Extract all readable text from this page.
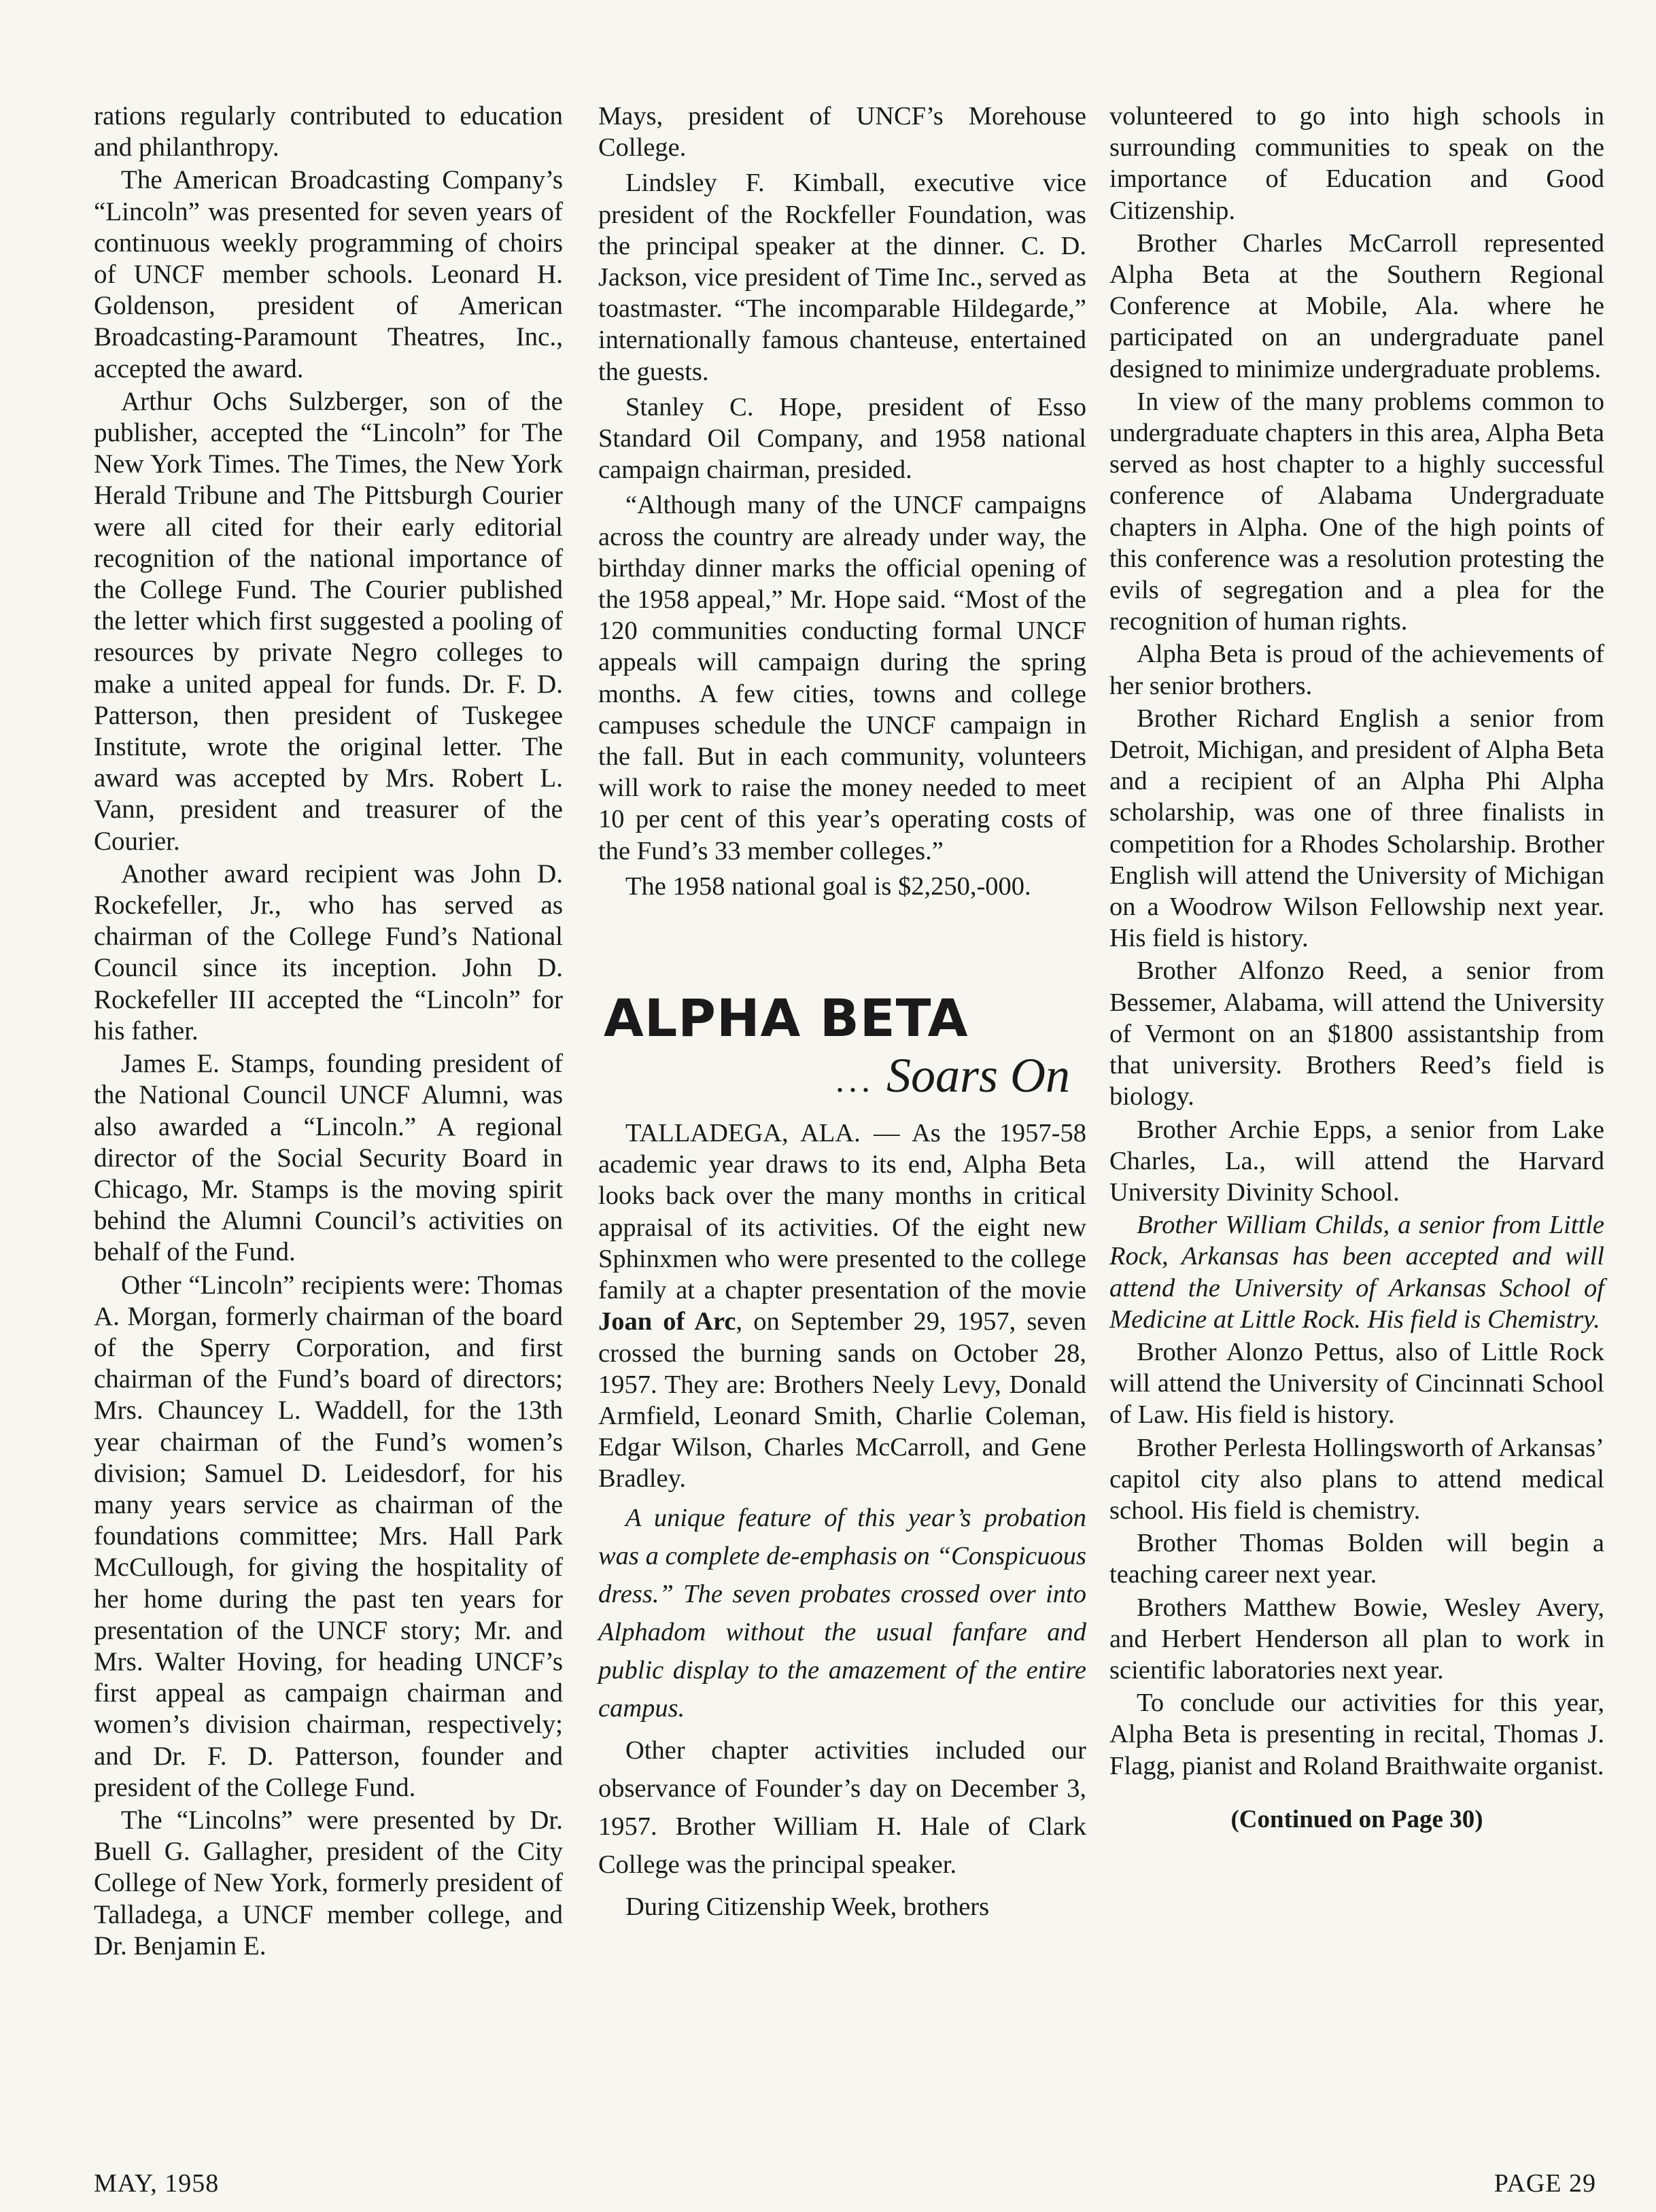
rations regularly contributed to education and philanthropy.

The American Broadcasting Company’s “Lincoln” was presented for seven years of continuous weekly programming of choirs of UNCF member schools. Leonard H. Goldenson, president of American Broadcasting-Paramount Theatres, Inc., accepted the award.

Arthur Ochs Sulzberger, son of the publisher, accepted the “Lincoln” for The New York Times. The Times, the New York Herald Tribune and The Pittsburgh Courier were all cited for their early editorial recognition of the national importance of the College Fund. The Courier published the letter which first suggested a pooling of resources by private Negro colleges to make a united appeal for funds. Dr. F. D. Patterson, then president of Tuskegee Institute, wrote the original letter. The award was accepted by Mrs. Robert L. Vann, president and treasurer of the Courier.

Another award recipient was John D. Rockefeller, Jr., who has served as chairman of the College Fund’s National Council since its inception. John D. Rockefeller III accepted the “Lincoln” for his father.

James E. Stamps, founding president of the National Council UNCF Alumni, was also awarded a “Lincoln.” A regional director of the Social Security Board in Chicago, Mr. Stamps is the moving spirit behind the Alumni Council’s activities on behalf of the Fund.

Other “Lincoln” recipients were: Thomas A. Morgan, formerly chairman of the board of the Sperry Corporation, and first chairman of the Fund’s board of directors; Mrs. Chauncey L. Waddell, for the 13th year chairman of the Fund’s women’s division; Samuel D. Leidesdorf, for his many years service as chairman of the foundations committee; Mrs. Hall Park McCullough, for giving the hospitality of her home during the past ten years for presentation of the UNCF story; Mr. and Mrs. Walter Hoving, for heading UNCF’s first appeal as campaign chairman and women’s division chairman, respectively; and Dr. F. D. Patterson, founder and president of the College Fund.

The “Lincolns” were presented by Dr. Buell G. Gallagher, president of the City College of New York, formerly president of Talladega, a UNCF member college, and Dr. Benjamin E.

Mays, president of UNCF’s Morehouse College.

Lindsley F. Kimball, executive vice president of the Rockfeller Foundation, was the principal speaker at the dinner. C. D. Jackson, vice president of Time Inc., served as toastmaster. “The incomparable Hildegarde,” internationally famous chanteuse, entertained the guests.

Stanley C. Hope, president of Esso Standard Oil Company, and 1958 national campaign chairman, presided.

“Although many of the UNCF campaigns across the country are already under way, the birthday dinner marks the official opening of the 1958 appeal,” Mr. Hope said. “Most of the 120 communities conducting formal UNCF appeals will campaign during the spring months. A few cities, towns and college campuses schedule the UNCF campaign in the fall. But in each community, volunteers will work to raise the money needed to meet 10 per cent of this year’s operating costs of the Fund’s 33 member colleges.”

The 1958 national goal is $2,250,-000.

ALPHA BETA
... Soars On

TALLADEGA, ALA. — As the 1957-58 academic year draws to its end, Alpha Beta looks back over the many months in critical appraisal of its activities. Of the eight new Sphinxmen who were presented to the college family at a chapter presentation of the movie Joan of Arc, on September 29, 1957, seven crossed the burning sands on October 28, 1957. They are: Brothers Neely Levy, Donald Armfield, Leonard Smith, Charlie Coleman, Edgar Wilson, Charles McCarroll, and Gene Bradley.

A unique feature of this year’s probation was a complete de-emphasis on “Conspicuous dress.” The seven probates crossed over into Alphadom without the usual fanfare and public display to the amazement of the entire campus.

Other chapter activities included our observance of Founder’s day on December 3, 1957. Brother William H. Hale of Clark College was the principal speaker.

During Citizenship Week, brothers

volunteered to go into high schools in surrounding communities to speak on the importance of Education and Good Citizenship.

Brother Charles McCarroll represented Alpha Beta at the Southern Regional Conference at Mobile, Ala. where he participated on an undergraduate panel designed to minimize undergraduate problems.

In view of the many problems common to undergraduate chapters in this area, Alpha Beta served as host chapter to a highly successful conference of Alabama Undergraduate chapters in Alpha. One of the high points of this conference was a resolution protesting the evils of segregation and a plea for the recognition of human rights.

Alpha Beta is proud of the achievements of her senior brothers.

Brother Richard English a senior from Detroit, Michigan, and president of Alpha Beta and a recipient of an Alpha Phi Alpha scholarship, was one of three finalists in competition for a Rhodes Scholarship. Brother English will attend the University of Michigan on a Woodrow Wilson Fellowship next year. His field is history.

Brother Alfonzo Reed, a senior from Bessemer, Alabama, will attend the University of Vermont on an $1800 assistantship from that university. Brothers Reed’s field is biology.

Brother Archie Epps, a senior from Lake Charles, La., will attend the Harvard University Divinity School.

Brother William Childs, a senior from Little Rock, Arkansas has been accepted and will attend the University of Arkansas School of Medicine at Little Rock. His field is Chemistry.

Brother Alonzo Pettus, also of Little Rock will attend the University of Cincinnati School of Law. His field is history.

Brother Perlesta Hollingsworth of Arkansas’ capitol city also plans to attend medical school. His field is chemistry.

Brother Thomas Bolden will begin a teaching career next year.

Brothers Matthew Bowie, Wesley Avery, and Herbert Henderson all plan to work in scientific laboratories next year.

To conclude our activities for this year, Alpha Beta is presenting in recital, Thomas J. Flagg, pianist and Roland Braithwaite organist.

(Continued on Page 30)
MAY, 1958	PAGE 29
